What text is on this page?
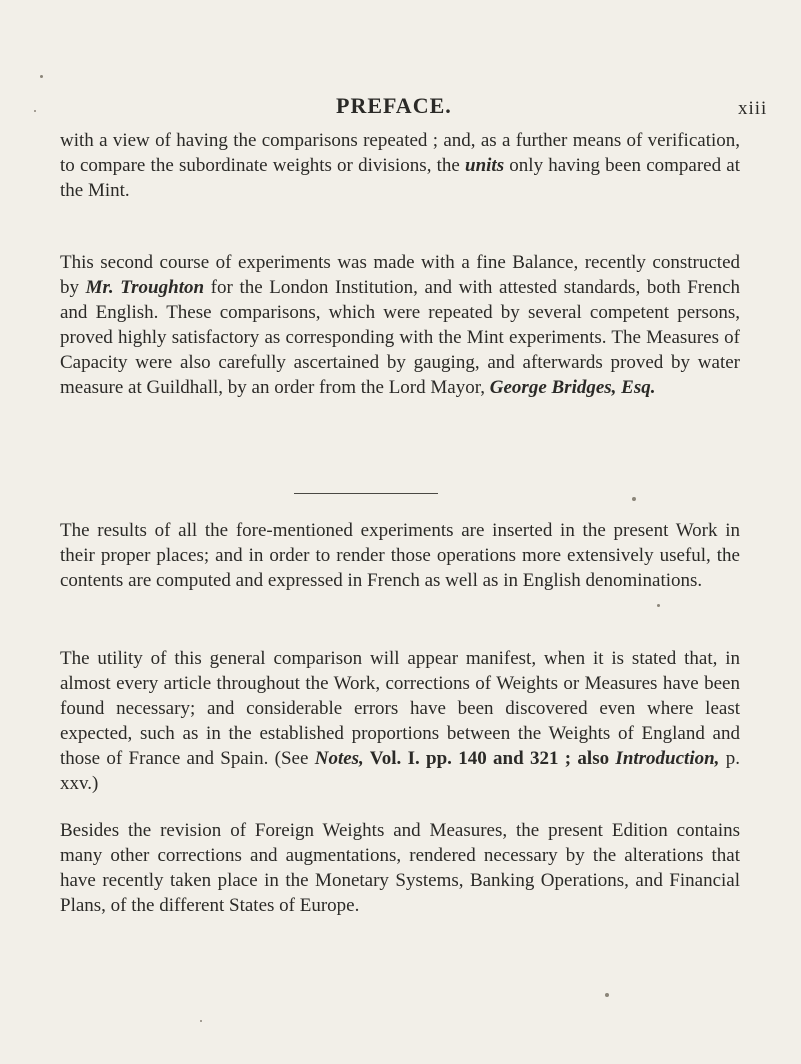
PREFACE.	xiii

with a view of having the comparisons repeated ; and, as a further means of verification, to compare the subordinate weights or divisions, the units only having been compared at the Mint.

This second course of experiments was made with a fine Balance, recently constructed by Mr. Troughton for the London Institution, and with attested standards, both French and English. These comparisons, which were repeated by several competent persons, proved highly satisfactory as corresponding with the Mint experiments. The Measures of Capacity were also carefully ascertained by gauging, and afterwards proved by water measure at Guildhall, by an order from the Lord Mayor, George Bridges, Esq.

The results of all the fore-mentioned experiments are inserted in the present Work in their proper places; and in order to render those operations more extensively useful, the contents are computed and expressed in French as well as in English denominations.

The utility of this general comparison will appear manifest, when it is stated that, in almost every article throughout the Work, corrections of Weights or Measures have been found necessary; and considerable errors have been discovered even where least expected, such as in the established proportions between the Weights of England and those of France and Spain. (See Notes, Vol. I. pp. 140 and 321 ; also Introduction, p. xxv.)

Besides the revision of Foreign Weights and Measures, the present Edition contains many other corrections and augmentations, rendered necessary by the alterations that have recently taken place in the Monetary Systems, Banking Operations, and Financial Plans, of the different States of Europe.
